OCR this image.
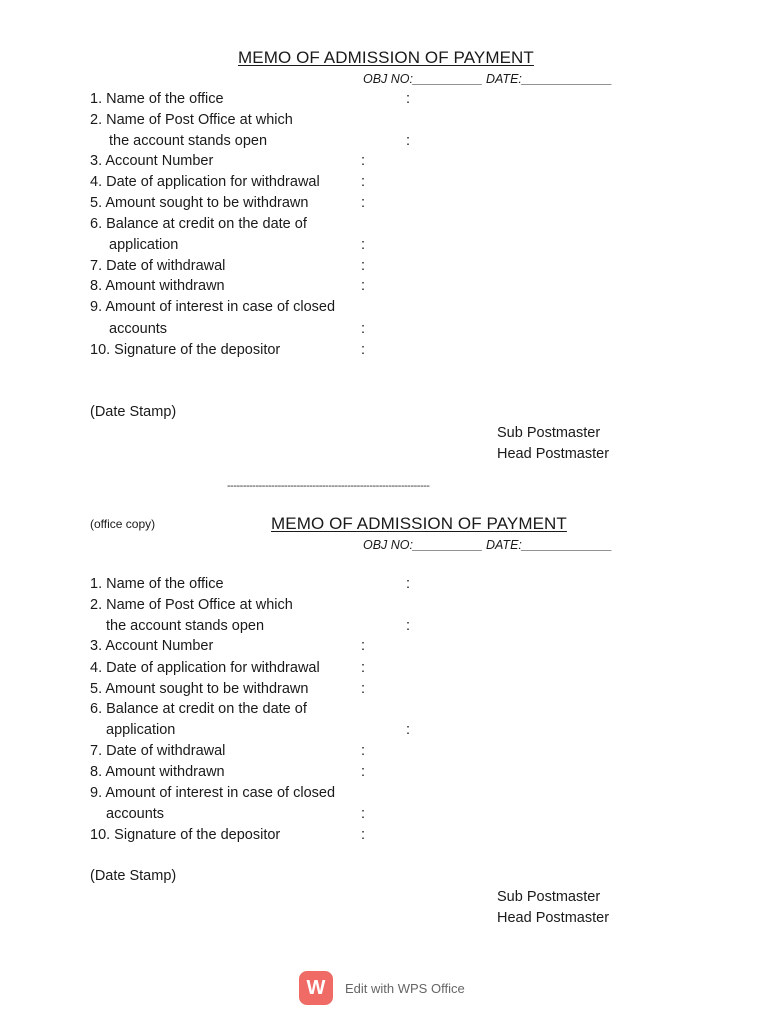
MEMO OF ADMISSION OF PAYMENT
OBJ NO:__________ DATE:_____________
1. Name of the office
2. Name of Post Office at which
the account stands open
3. Account Number
4. Date of application for withdrawal
5. Amount sought to be withdrawn
6. Balance at credit on the date of
application
7. Date of withdrawal
8. Amount withdrawn
9. Amount of interest in case of closed
accounts
10. Signature of the depositor
:
:
:
:
:
:
:
:
:
:
(Date Stamp)
Sub Postmaster
Head Postmaster
----------------------------------------------------------------
(office copy)	MEMO OF ADMISSION OF PAYMENT
OBJ NO:__________ DATE:_____________
1. Name of the office
2. Name of Post Office at which
the account stands open
3. Account Number
4. Date of application for withdrawal
5. Amount sought to be withdrawn
6. Balance at credit on the date of
application
7. Date of withdrawal
8. Amount withdrawn
9. Amount of interest in case of closed
accounts
10. Signature of the depositor
:
:
:
:
:
:
:
:
:
:
(Date Stamp)
Sub Postmaster
Head Postmaster
W	Edit with WPS Office
